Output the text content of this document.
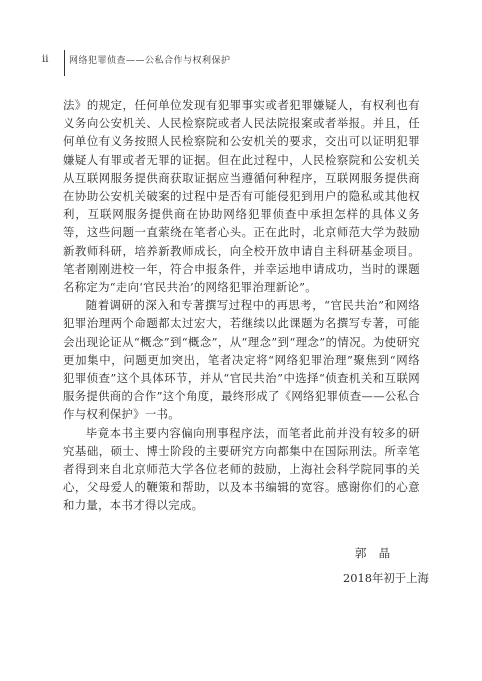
ii	网络犯罪侦查——公私合作与权利保护

法》的规定，任何单位发现有犯罪事实或者犯罪嫌疑人，有权利也有义务向公安机关、人民检察院或者人民法院报案或者举报。并且，任何单位有义务按照人民检察院和公安机关的要求，交出可以证明犯罪嫌疑人有罪或者无罪的证据。但在此过程中，人民检察院和公安机关从互联网服务提供商获取证据应当遵循何种程序，互联网服务提供商在协助公安机关破案的过程中是否有可能侵犯到用户的隐私或其他权利，互联网服务提供商在协助网络犯罪侦查中承担怎样的具体义务等，这些问题一直萦绕在笔者心头。正在此时，北京师范大学为鼓励新教师科研，培养新教师成长，向全校开放申请自主科研基金项目。笔者刚刚进校一年，符合申报条件，并幸运地申请成功，当时的课题名称定为“走向‘官民共治’的网络犯罪治理新论”。

随着调研的深入和专著撰写过程中的再思考，“官民共治”和网络犯罪治理两个命题都太过宏大，若继续以此课题为名撰写专著，可能会出现论证从“概念”到“概念”，从“理念”到“理念”的情况。为使研究更加集中，问题更加突出，笔者决定将“网络犯罪治理”聚焦到“网络犯罪侦查”这个具体环节，并从“官民共治”中选择“侦查机关和互联网服务提供商的合作”这个角度，最终形成了《网络犯罪侦查——公私合作与权利保护》一书。

毕竟本书主要内容偏向刑事程序法，而笔者此前并没有较多的研究基础，硕士、博士阶段的主要研究方向都集中在国际刑法。所幸笔者得到来自北京师范大学各位老师的鼓励，上海社会科学院同事的关心，父母爱人的鞭策和帮助，以及本书编辑的宽容。感谢你们的心意和力量，本书才得以完成。

郭　晶
2018年初于上海
